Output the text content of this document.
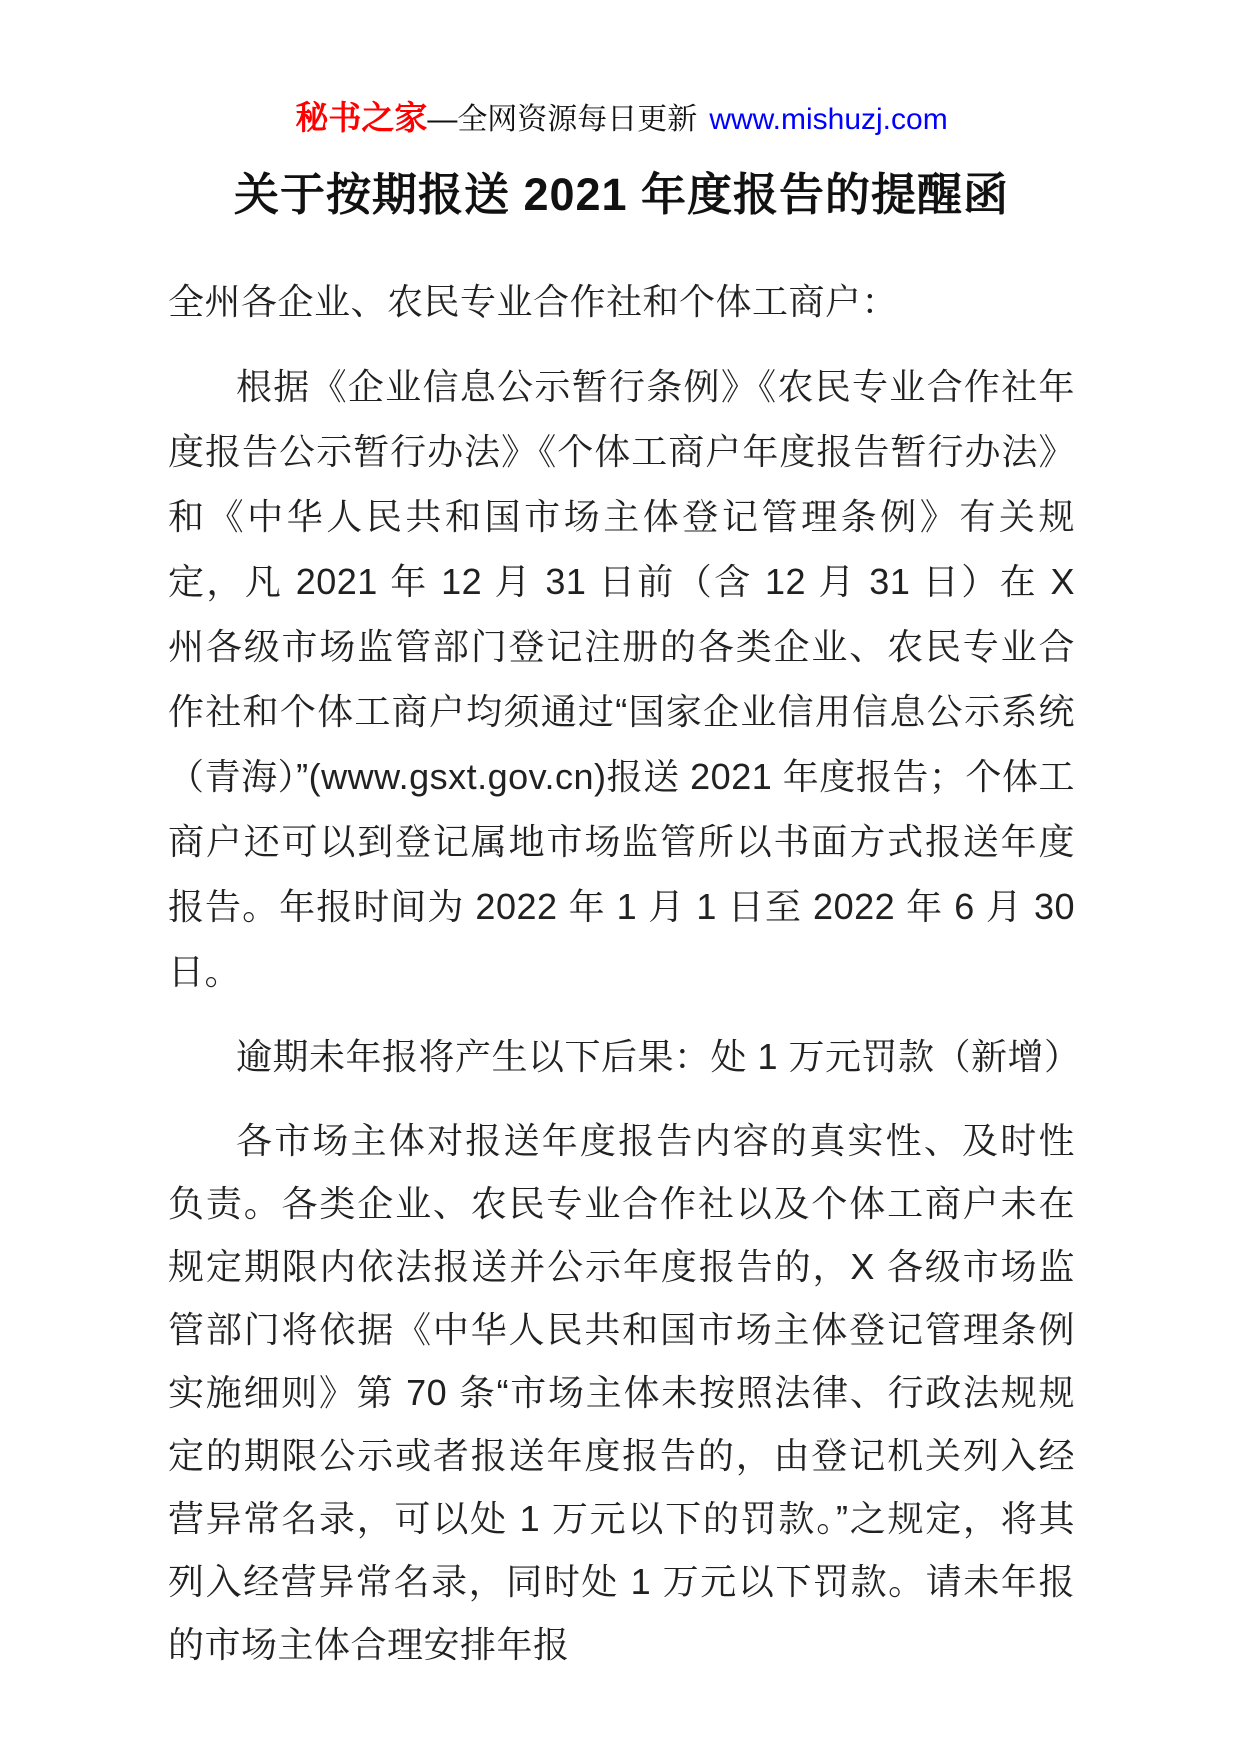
秘书之家—全网资源每日更新 www.mishuzj.com
关于按期报送 2021 年度报告的提醒函

全州各企业、农民专业合作社和个体工商户：

根据《企业信息公示暂行条例》《农民专业合作社年度报告公示暂行办法》《个体工商户年度报告暂行办法》和《中华人民共和国市场主体登记管理条例》有关规定，凡 2021 年 12 月 31 日前（含 12 月 31 日）在 X 州各级市场监管部门登记注册的各类企业、农民专业合作社和个体工商户均须通过“国家企业信用信息公示系统（青海）”(www.gsxt.gov.cn)报送 2021 年度报告；个体工商户还可以到登记属地市场监管所以书面方式报送年度报告。年报时间为 2022 年 1 月 1 日至 2022 年 6 月 30 日。

逾期未年报将产生以下后果：处 1 万元罚款（新增）

各市场主体对报送年度报告内容的真实性、及时性负责。各类企业、农民专业合作社以及个体工商户未在规定期限内依法报送并公示年度报告的，X 各级市场监管部门将依据《中华人民共和国市场主体登记管理条例实施细则》第 70 条“市场主体未按照法律、行政法规规定的期限公示或者报送年度报告的，由登记机关列入经营异常名录，可以处 1 万元以下的罚款。”之规定，将其列入经营异常名录，同时处 1 万元以下罚款。请未年报的市场主体合理安排年报
